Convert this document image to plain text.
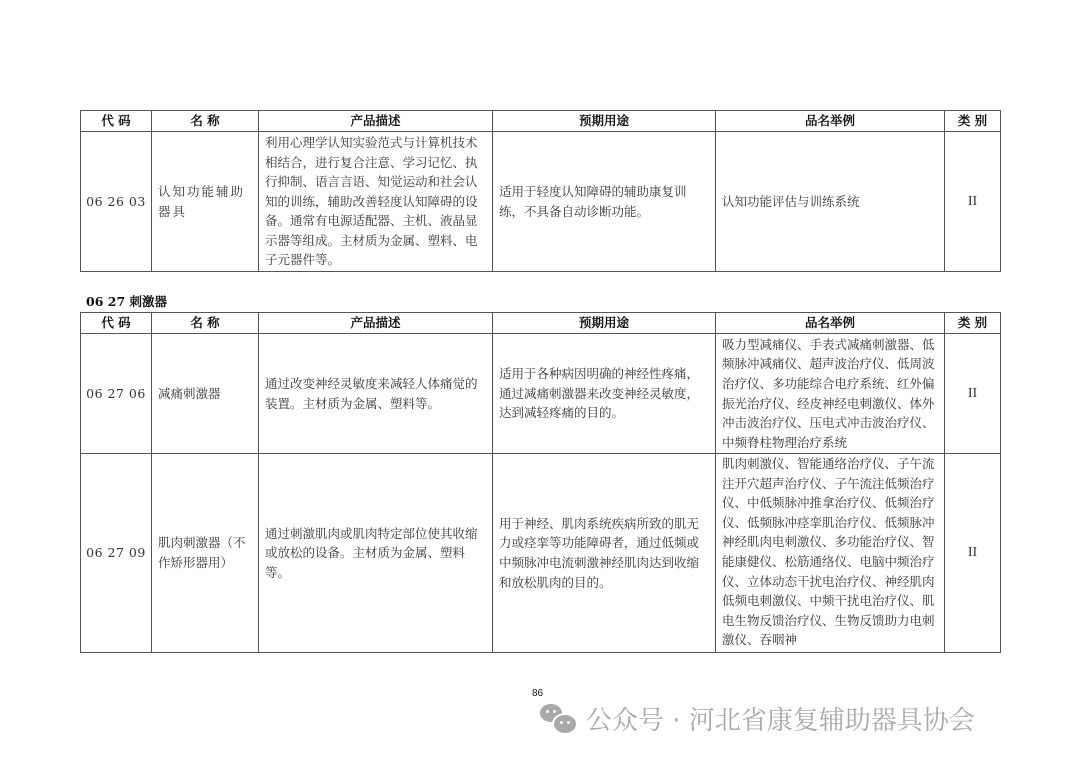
代 码	名 称	产品描述	预期用途	品名举例	类 别
06 26 03	认知功能辅助器具	利用心理学认知实验范式与计算机技术相结合，进行复合注意、学习记忆、执行抑制、语言言语、知觉运动和社会认知的训练，辅助改善轻度认知障碍的设备。通常有电源适配器、主机、液晶显示器等组成。主材质为金属、塑料、电子元器件等。	适用于轻度认知障碍的辅助康复训练，不具备自动诊断功能。	认知功能评估与训练系统	II
06 27 刺激器
代 码	名 称	产品描述	预期用途	品名举例	类 别
06 27 06	减痛刺激器	通过改变神经灵敏度来减轻人体痛觉的装置。主材质为金属、塑料等。	适用于各种病因明确的神经性疼痛，通过减痛刺激器来改变神经灵敏度，达到减轻疼痛的目的。	吸力型减痛仪、手表式减痛刺激器、低频脉冲减痛仪、超声波治疗仪、低周波治疗仪、多功能综合电疗系统、红外偏振光治疗仪、经皮神经电刺激仪、体外冲击波治疗仪、压电式冲击波治疗仪、中频脊柱物理治疗系统	II
06 27 09	肌肉刺激器（不作矫形器用）	通过刺激肌肉或肌肉特定部位使其收缩或放松的设备。主材质为金属、塑料等。	用于神经、肌肉系统疾病所致的肌无力或痉挛等功能障碍者，通过低频或中频脉冲电流刺激神经肌肉达到收缩和放松肌肉的目的。	肌肉刺激仪、智能通络治疗仪、子午流注开穴超声治疗仪、子午流注低频治疗仪、中低频脉冲推拿治疗仪、低频治疗仪、低频脉冲痉挛肌治疗仪、低频脉冲神经肌肉电刺激仪、多功能治疗仪、智能康健仪、松筋通络仪、电脑中频治疗仪、立体动态干扰电治疗仪、神经肌肉低频电刺激仪、中频干扰电治疗仪、肌电生物反馈治疗仪、生物反馈助力电刺激仪、吞咽神	II
86
公众号 · 河北省康复辅助器具协会
